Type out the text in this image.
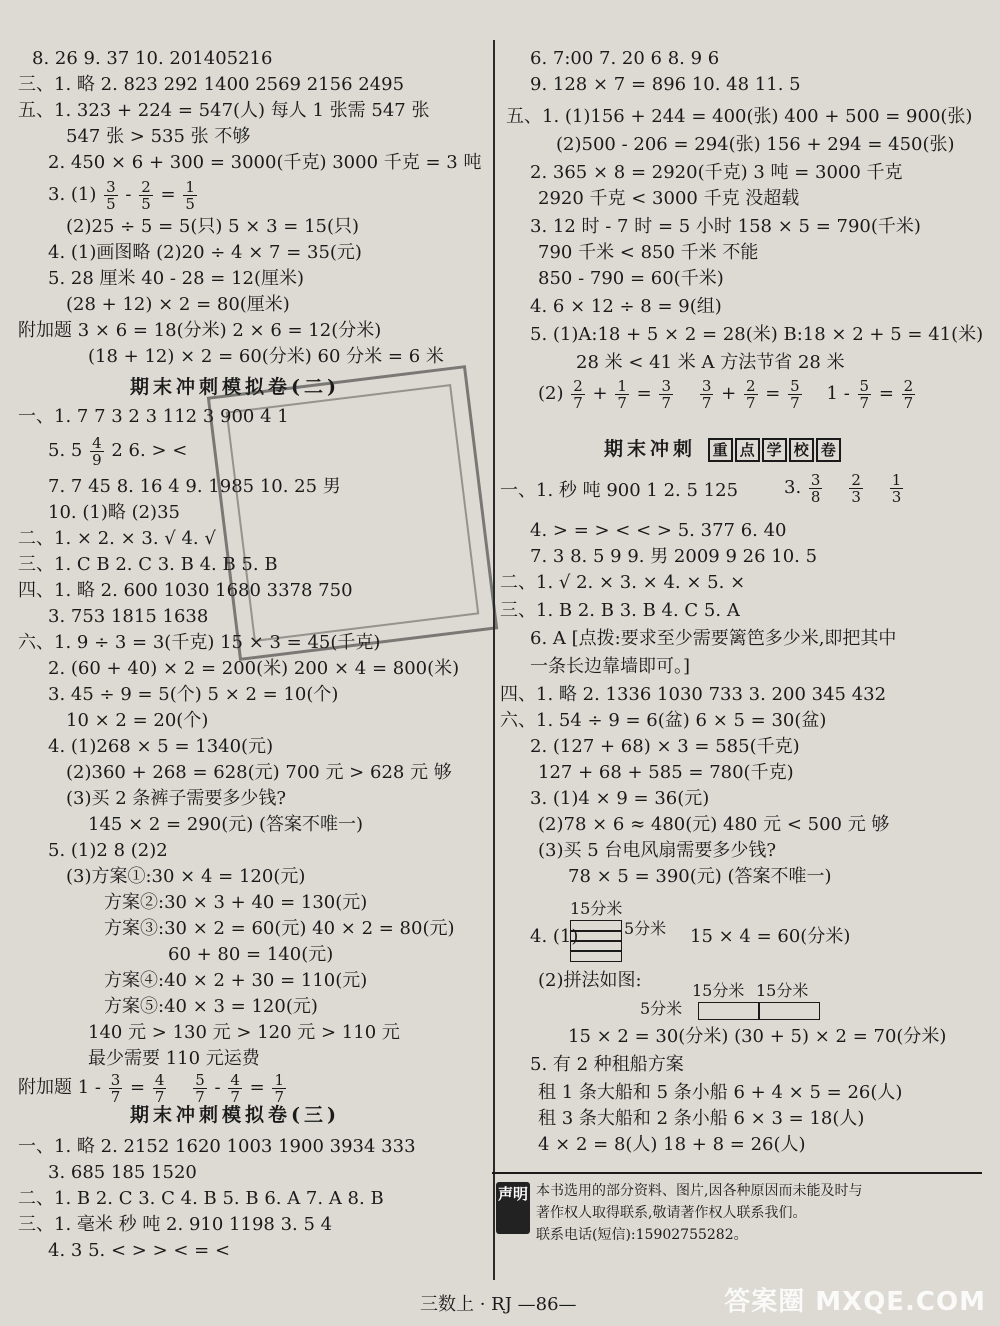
3. $(1) \frac{3}{5} - \frac{2}{5} = \frac{1}{5}$
期末冲刺模拟卷(二)
5. $5 \frac{4}{9} 2$ 6. > <
附加题 $1 - \frac{3}{7} = \frac{4}{7}$
$\frac{5}{7} - \frac{4}{7} = \frac{1}{7}$
期末冲刺模拟卷(三)
8. 26 9. 37 10. 201405216
三、1. 略 2. 823 292 1400 2569 2156 2495
五、1. 323 + 224 = 547(人) 每人 1 张需 547 张
547 张 > 535 张 不够
2. 450 × 6 + 300 = 3000(千克) 3000 千克 = 3 吨
(2)25 ÷ 5 = 5(只) 5 × 3 = 15(只)
4. (1)画图略 (2)20 ÷ 4 × 7 = 35(元)
5. 28 厘米 40 - 28 = 12(厘米)
(28 + 12) × 2 = 80(厘米)
附加题 3 × 6 = 18(分米) 2 × 6 = 12(分米)
(18 + 12) × 2 = 60(分米) 60 分米 = 6 米
一、1. 7 7 3 2 3 112 3 900 4 1
7. 7 45 8. 16 4 9. 1985 10. 25 男
10. (1)略 (2)35
二、1. × 2. × 3. √ 4. √
三、1. C B 2. C 3. B 4. B 5. B
四、1. 略 2. 600 1030 1680 3378 750
3. 753 1815 1638
六、1. 9 ÷ 3 = 3(千克) 15 × 3 = 45(千克)
2. (60 + 40) × 2 = 200(米) 200 × 4 = 800(米)
3. 45 ÷ 9 = 5(个) 5 × 2 = 10(个)
10 × 2 = 20(个)
4. (1)268 × 5 = 1340(元)
(2)360 + 268 = 628(元) 700 元 > 628 元 够
(3)买 2 条裤子需要多少钱?
145 × 2 = 290(元) (答案不唯一)
5. (1)2 8 (2)2
(3)方案①:30 × 4 = 120(元)
方案②:30 × 3 + 40 = 130(元)
方案③:30 × 2 = 60(元) 40 × 2 = 80(元)
60 + 80 = 140(元)
方案④:40 × 2 + 30 = 110(元)
方案⑤:40 × 3 = 120(元)
140 元 > 130 元 > 120 元 > 110 元
最少需要 110 元运费
一、1. 略 2. 2152 1620 1003 1900 3934 333
3. 685 185 1520
二、1. B 2. C 3. C 4. B 5. B 6. A 7. A 8. B
三、1. 毫米 秒 吨 2. 910 1198 3. 5 4
4. 3 5. < > > < = <
$(2) \frac{2}{7} + \frac{1}{7} = \frac{3}{7}$
$\frac{3}{7} + \frac{2}{7} = \frac{5}{7} 1 - \frac{5}{7} = \frac{2}{7}$
期末冲刺 重 点 学 校 卷
3. $\frac{3}{8}$
$\frac{2}{3}$
$\frac{1}{3}$
4. (1)
15分米
5分米
5分米
15分米 15分米
6. 7:00 7. 20 6 8. 9 6
9. 128 × 7 = 896 10. 48 11. 5
五、1. (1)156 + 244 = 400(张) 400 + 500 = 900(张)
(2)500 - 206 = 294(张) 156 + 294 = 450(张)
2. 365 × 8 = 2920(千克) 3 吨 = 3000 千克
2920 千克 < 3000 千克 没超载
3. 12 时 - 7 时 = 5 小时 158 × 5 = 790(千米)
790 千米 < 850 千米 不能
850 - 790 = 60(千米)
4. 6 × 12 ÷ 8 = 9(组)
5. (1)A:18 + 5 × 2 = 28(米) B:18 × 2 + 5 = 41(米)
28 米 < 41 米 A 方法节省 28 米
一、1. 秒 吨 900 1 2. 5 125
4. > = > < < > 5. 377 6. 40
7. 3 8. 5 9 9. 男 2009 9 26 10. 5
二、1. √ 2. × 3. × 4. × 5. ×
三、1. B 2. B 3. B 4. C 5. A
6. A [点拨:要求至少需要篱笆多少米,即把其中
一条长边靠墙即可。]
四、1. 略 2. 1336 1030 733 3. 200 345 432
六、1. 54 ÷ 9 = 6(盆) 6 × 5 = 30(盆)
2. (127 + 68) × 3 = 585(千克)
127 + 68 + 585 = 780(千克)
3. (1)4 × 9 = 36(元)
(2)78 × 6 ≈ 480(元) 480 元 < 500 元 够
(3)买 5 台电风扇需要多少钱?
78 × 5 = 390(元) (答案不唯一)
15 × 4 = 60(分米)
(2)拼法如图:
15 × 2 = 30(分米) (30 + 5) × 2 = 70(分米)
5. 有 2 种租船方案
租 1 条大船和 5 条小船 6 + 4 × 5 = 26(人)
租 3 条大船和 2 条小船 6 × 3 = 18(人)
4 × 2 = 8(人) 18 + 8 = 26(人)
声明 本书选用的部分资料、图片,因各种原因而未能及时与
著作权人取得联系,敬请著作权人联系我们。
联系电话(短信):15902755282。
三数上 · RJ —86—	答案圈 MXQE.COM
